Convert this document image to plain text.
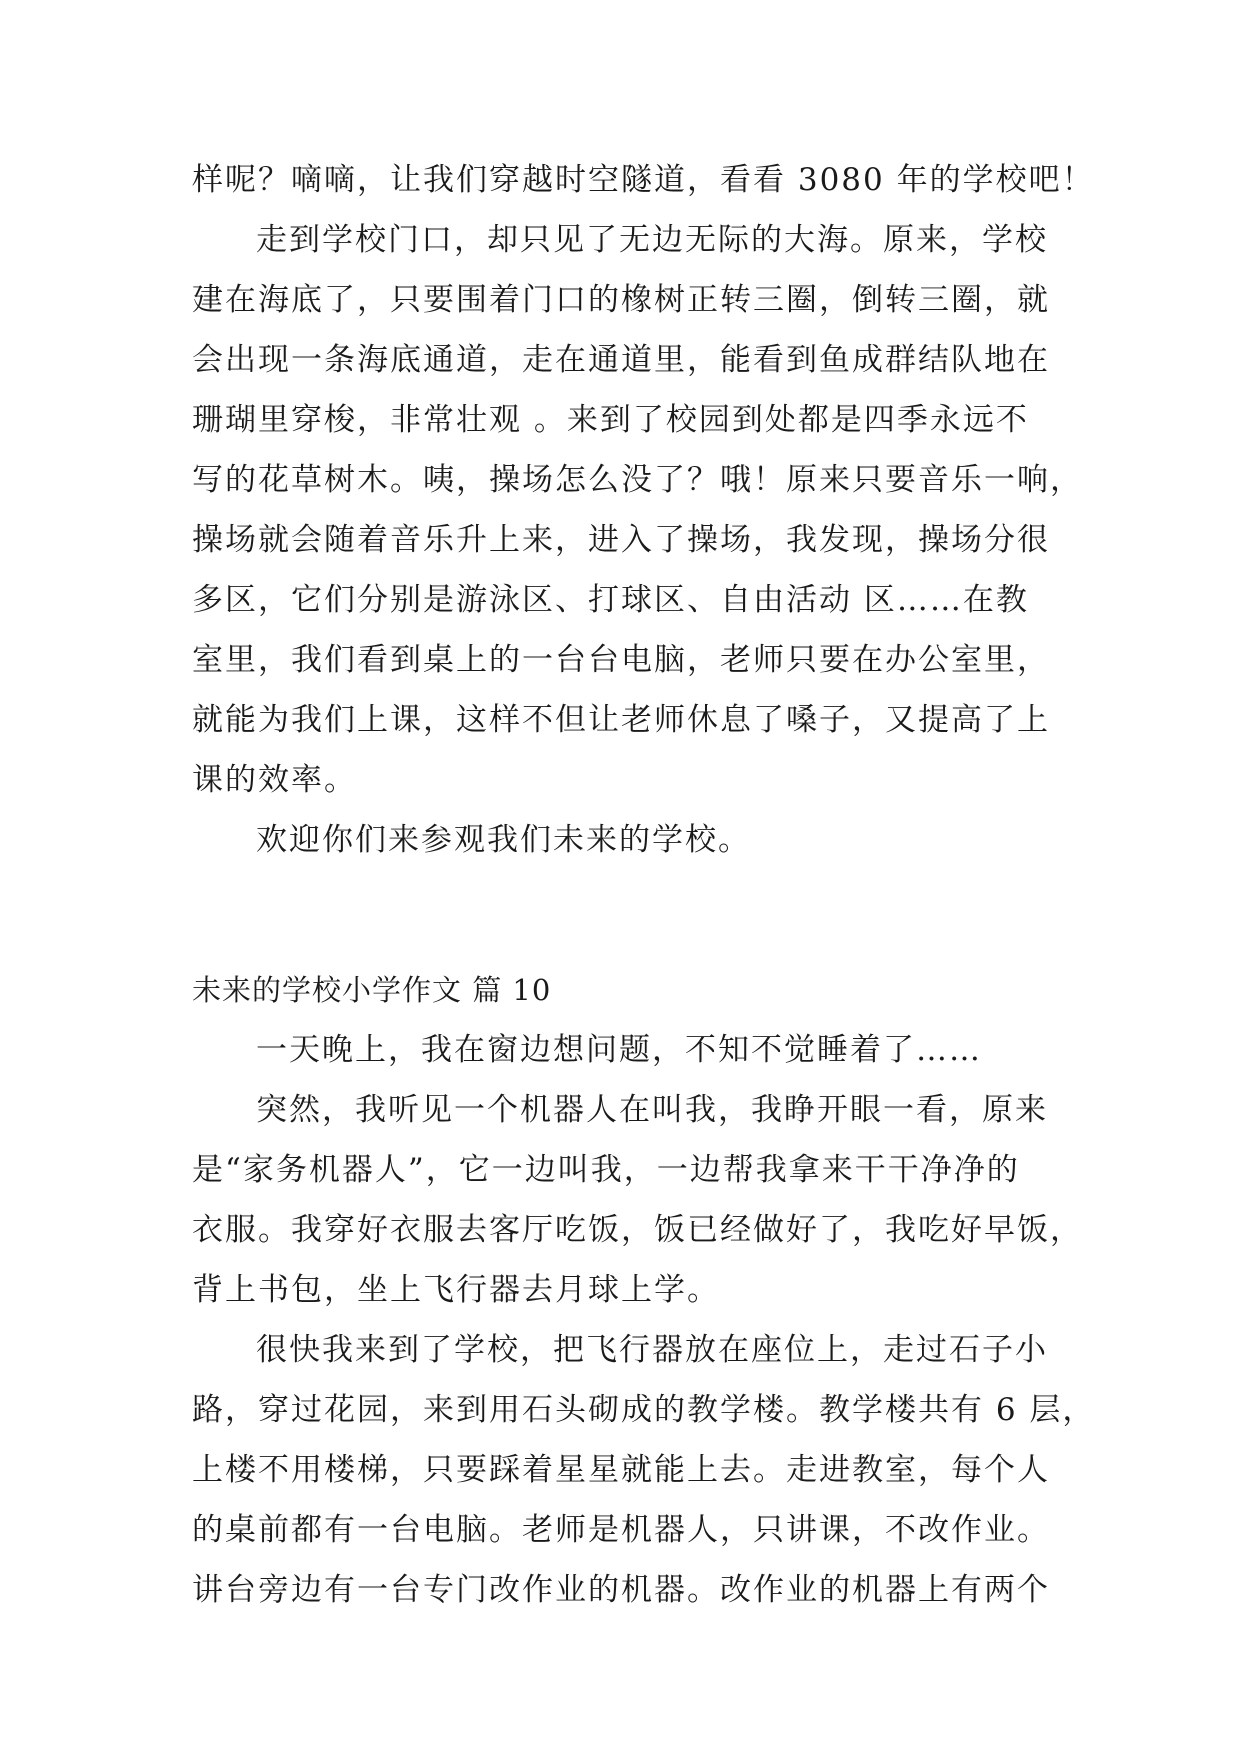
样呢？嘀嘀，让我们穿越时空隧道，看看 3080 年的学校吧！
走到学校门口，却只见了无边无际的大海。原来，学校
建在海底了，只要围着门口的橡树正转三圈，倒转三圈，就
会出现一条海底通道，走在通道里，能看到鱼成群结队地在
珊瑚里穿梭，非常壮观 。来到了校园到处都是四季永远不
写的花草树木。咦，操场怎么没了？哦！原来只要音乐一响，
操场就会随着音乐升上来，进入了操场，我发现，操场分很
多区，它们分别是游泳区、打球区、自由活动 区……在教
室里，我们看到桌上的一台台电脑，老师只要在办公室里，
就能为我们上课，这样不但让老师休息了嗓子，又提高了上
课的效率。
欢迎你们来参观我们未来的学校。
未来的学校小学作文 篇 10
一天晚上，我在窗边想问题，不知不觉睡着了……
突然，我听见一个机器人在叫我，我睁开眼一看，原来
是“家务机器人”，它一边叫我，一边帮我拿来干干净净的
衣服。我穿好衣服去客厅吃饭，饭已经做好了，我吃好早饭，
背上书包，坐上飞行器去月球上学。
很快我来到了学校，把飞行器放在座位上，走过石子小
路，穿过花园，来到用石头砌成的教学楼。教学楼共有 6 层，
上楼不用楼梯，只要踩着星星就能上去。走进教室，每个人
的桌前都有一台电脑。老师是机器人，只讲课，不改作业。
讲台旁边有一台专门改作业的机器。改作业的机器上有两个
